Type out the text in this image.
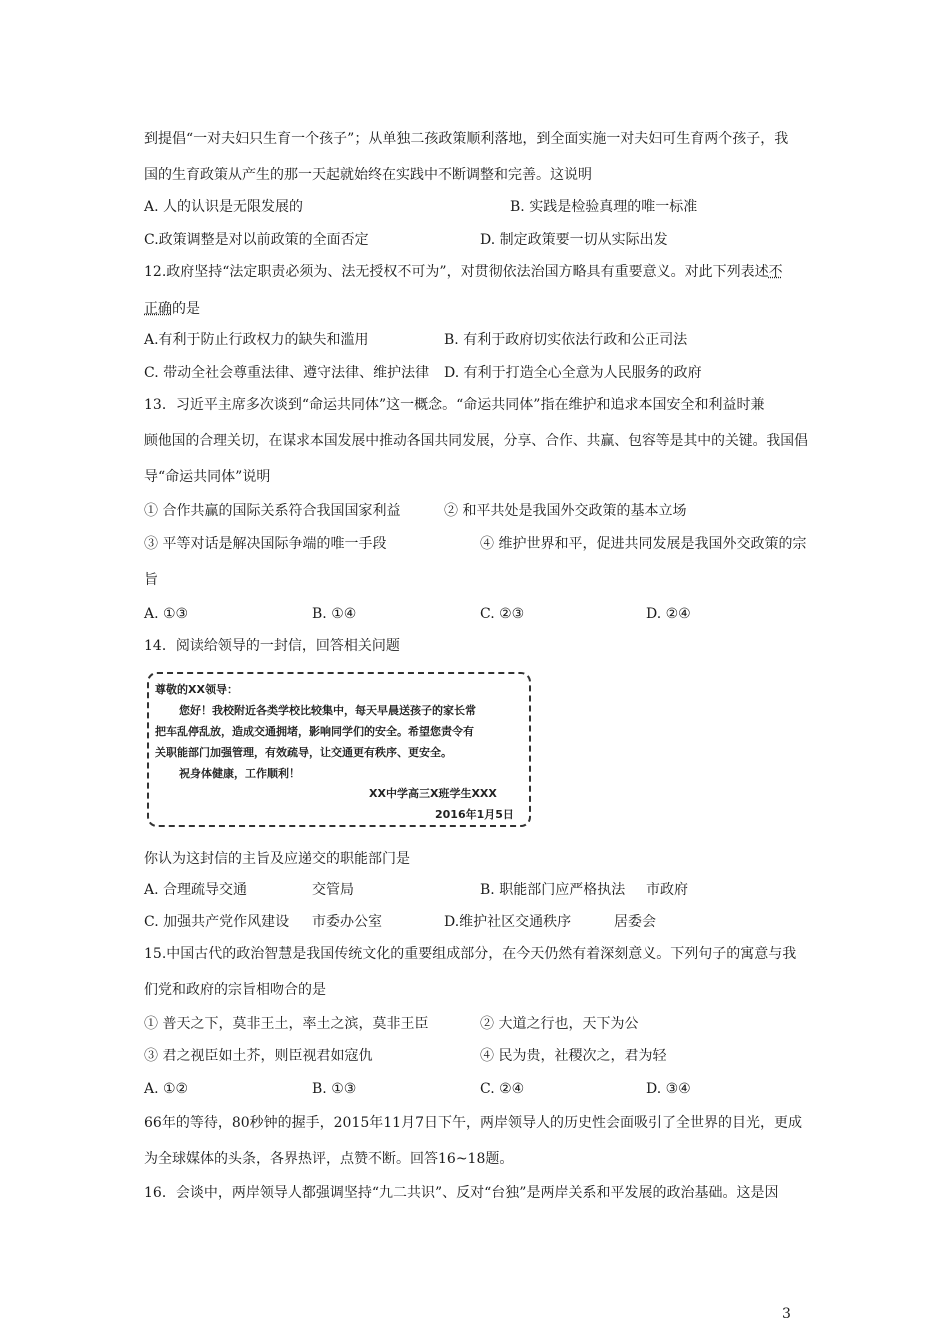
到提倡“一对夫妇只生育一个孩子”；从单独二孩政策顺利落地，到全面实施一对夫妇可生育两个孩子，我
国的生育政策从产生的那一天起就始终在实践中不断调整和完善。这说明
A. 人的认识是无限发展的	B. 实践是检验真理的唯一标准
C.政策调整是对以前政策的全面否定	D. 制定政策要一切从实际出发
12.政府坚持“法定职责必须为、法无授权不可为”，对贯彻依法治国方略具有重要意义。对此下列表述不
正确的是
A.有利于防止行政权力的缺失和滥用	B. 有利于政府切实依法行政和公正司法
C. 带动全社会尊重法律、遵守法律、维护法律 D. 有利于打造全心全意为人民服务的政府
13．习近平主席多次谈到“命运共同体”这一概念。“命运共同体”指在维护和追求本国安全和利益时兼
顾他国的合理关切，在谋求本国发展中推动各国共同发展，分享、合作、共赢、包容等是其中的关键。我国倡
导“命运共同体”说明
① 合作共赢的国际关系符合我国国家利益	② 和平共处是我国外交政策的基本立场
③ 平等对话是解决国际争端的唯一手段	④ 维护世界和平，促进共同发展是我国外交政策的宗
旨
A. ①③	B. ①④	C. ②③	D. ②④
14．阅读给领导的一封信，回答相关问题
尊敬的XX领导：
您好！我校附近各类学校比较集中，每天早晨送孩子的家长常
把车乱停乱放，造成交通拥堵，影响同学们的安全。希望您责令有
关职能部门加强管理，有效疏导，让交通更有秩序、更安全。
祝身体健康，工作顺利！
XX中学高三X班学生XXX
2016年1月5日
你认为这封信的主旨及应递交的职能部门是
A. 合理疏导交通	交管局	B. 职能部门应严格执法 市政府
C. 加强共产党作风建设 市委办公室	D.维护社区交通秩序	居委会
15.中国古代的政治智慧是我国传统文化的重要组成部分，在今天仍然有着深刻意义。下列句子的寓意与我
们党和政府的宗旨相吻合的是
① 普天之下，莫非王土，率土之滨，莫非王臣	② 大道之行也，天下为公
③ 君之视臣如土芥，则臣视君如寇仇	④ 民为贵，社稷次之，君为轻
A. ①②	B. ①③	C. ②④	D. ③④
66年的等待，80秒钟的握手，2015年11月7日下午，两岸领导人的历史性会面吸引了全世界的目光，更成
为全球媒体的头条，各界热评，点赞不断。回答16~18题。
16．会谈中，两岸领导人都强调坚持“九二共识”、反对“台独”是两岸关系和平发展的政治基础。这是因
3
